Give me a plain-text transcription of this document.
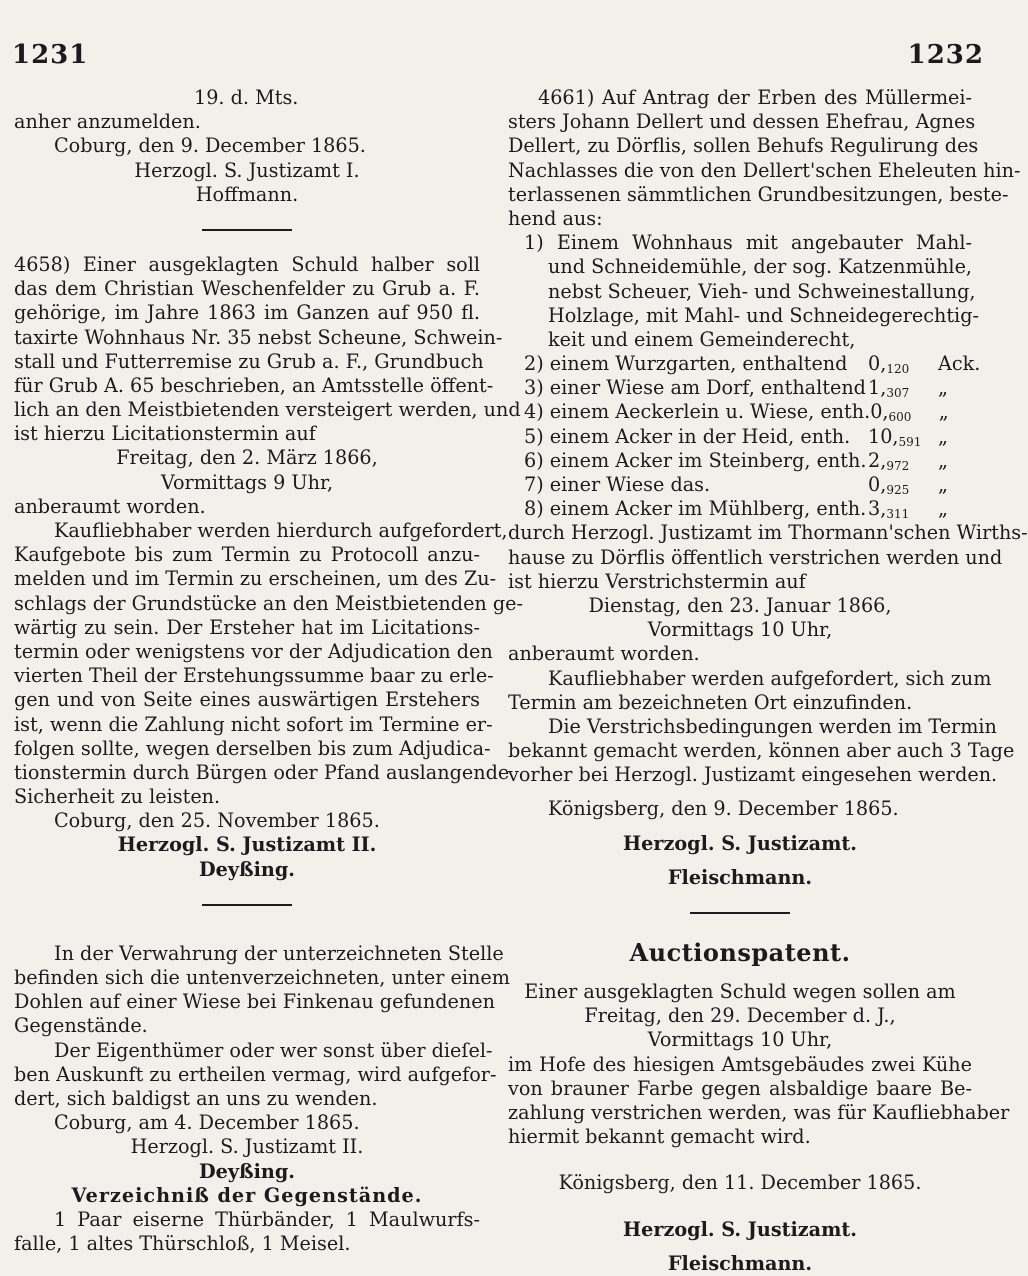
1231	1232
19. d. Mts.
anher anzumelden.
Coburg, den 9. December 1865.
Herzogl. S. Justizamt I.
Hoffmann.
4658) Einer ausgeklagten Schuld halber soll
das dem Christian Weschenfelder zu Grub a. F.
gehörige, im Jahre 1863 im Ganzen auf 950 fl.
taxirte Wohnhaus Nr. 35 nebst Scheune, Schwein-
stall und Futterremise zu Grub a. F., Grundbuch
für Grub A. 65 beschrieben, an Amtsstelle öffent-
lich an den Meistbietenden versteigert werden, und
ist hierzu Licitationstermin auf
Freitag, den 2. März 1866,
Vormittags 9 Uhr,
anberaumt worden.
Kaufliebhaber werden hierdurch aufgefordert,
Kaufgebote bis zum Termin zu Protocoll anzu-
melden und im Termin zu erscheinen, um des Zu-
schlags der Grundstücke an den Meistbietenden ge-
wärtig zu sein. Der Ersteher hat im Licitations-
termin oder wenigstens vor der Adjudication den
vierten Theil der Erstehungssumme baar zu erle-
gen und von Seite eines auswärtigen Erstehers
ist, wenn die Zahlung nicht sofort im Termine er-
folgen sollte, wegen derselben bis zum Adjudica-
tionstermin durch Bürgen oder Pfand auslangende
Sicherheit zu leisten.
Coburg, den 25. November 1865.
Herzogl. S. Justizamt II.
Deyßing.
In der Verwahrung der unterzeichneten Stelle
befinden sich die untenverzeichneten, unter einem
Dohlen auf einer Wiese bei Finkenau gefundenen
Gegenstände.
Der Eigenthümer oder wer sonst über dieſel-
ben Auskunft zu ertheilen vermag, wird aufgefor-
dert, sich baldigst an uns zu wenden.
Coburg, am 4. December 1865.
Herzogl. S. Justizamt II.
Deyßing.
Verzeichniß der Gegenstände.
1 Paar eiserne Thürbänder, 1 Maulwurfs-
falle, 1 altes Thürschloß, 1 Meisel.
4661) Auf Antrag der Erben des Müllermei-
sters Johann Dellert und dessen Ehefrau, Agnes
Dellert, zu Dörflis, sollen Behufs Regulirung des
Nachlasses die von den Dellert'schen Eheleuten hin-
terlassenen sämmtlichen Grundbesitzungen, beste-
hend aus:
1) Einem Wohnhaus mit angebauter Mahl-
und Schneidemühle, der sog. Katzenmühle,
nebst Scheuer, Vieh- und Schweinestallung,
Holzlage, mit Mahl- und Schneidegerechtig-
keit und einem Gemeinderecht,
2) einem Wurzgarten, enthaltend	$0,_{120}$	Ack.
3) einer Wiese am Dorf, enthaltend $1,_{307}$	„
4) einem Aeckerlein u. Wiese, enth. $0,_{600}$	„
5) einem Acker in der Heid, enth. $10,_{591}$ „
6) einem Acker im Steinberg, enth. $2,_{972}$	„
7) einer Wiese das.	$0,_{925}$	„
8) einem Acker im Mühlberg, enth. $3,_{311}$	„
durch Herzogl. Justizamt im Thormann'schen Wirths-
hause zu Dörflis öffentlich verstrichen werden und
ist hierzu Verstrichstermin auf
Dienstag, den 23. Januar 1866,
Vormittags 10 Uhr,
anberaumt worden.
Kaufliebhaber werden aufgefordert, sich zum
Termin am bezeichneten Ort einzufinden.
Die Verstrichsbedingungen werden im Termin
bekannt gemacht werden, können aber auch 3 Tage
vorher bei Herzogl. Justizamt eingesehen werden.
Königsberg, den 9. December 1865.
Herzogl. S. Justizamt.
Fleischmann.
Auctionspatent.
Einer ausgeklagten Schuld wegen sollen am
Freitag, den 29. December d. J.,
Vormittags 10 Uhr,
im Hofe des hiesigen Amtsgebäudes zwei Kühe
von brauner Farbe gegen alsbaldige baare Be-
zahlung verstrichen werden, was für Kaufliebhaber
hiermit bekannt gemacht wird.
Königsberg, den 11. December 1865.
Herzogl. S. Justizamt.
Fleischmann.
